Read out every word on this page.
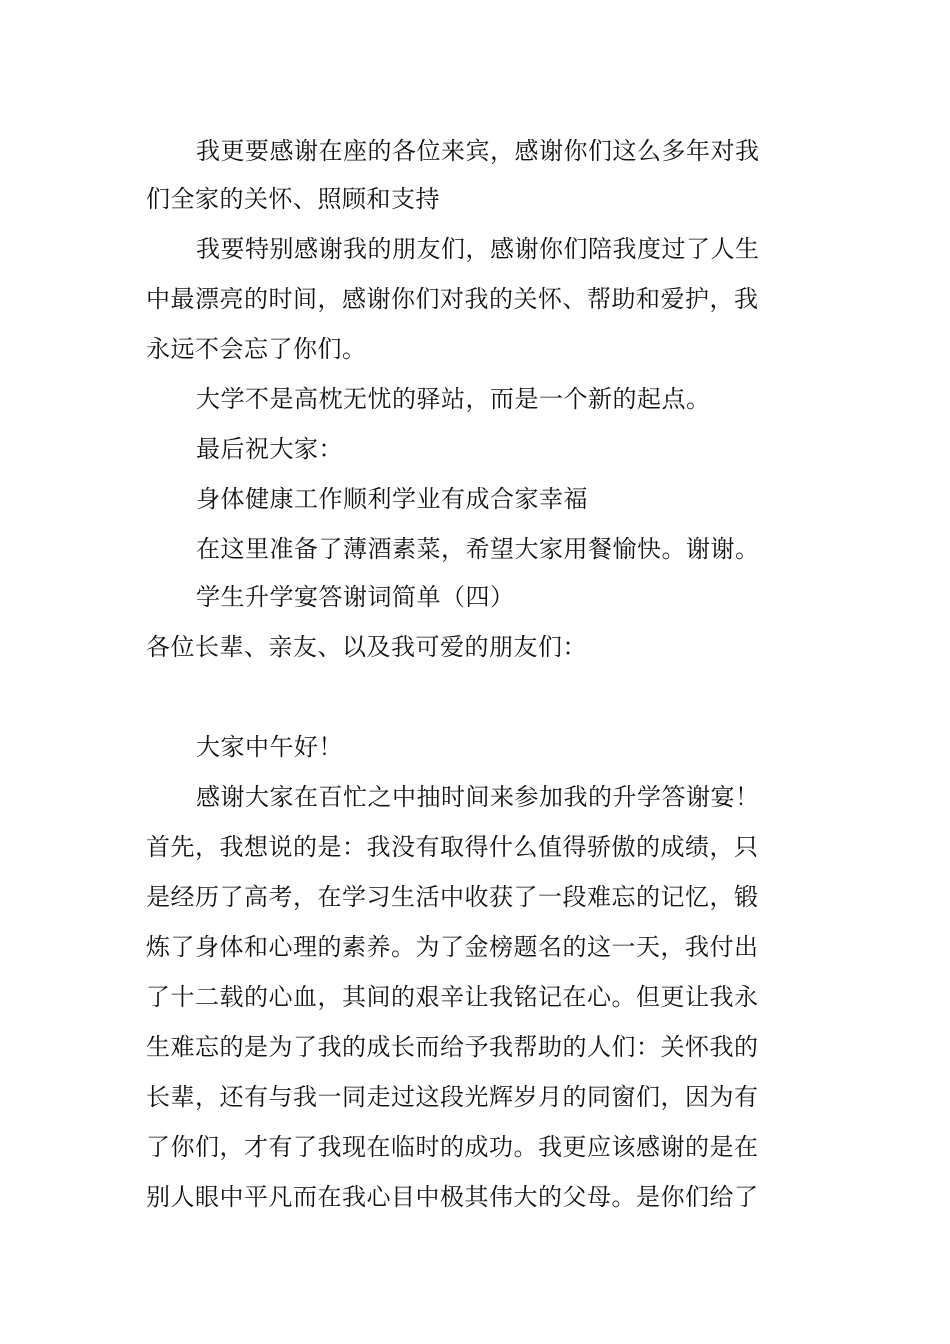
我更要感谢在座的各位来宾，感谢你们这么多年对我
们全家的关怀、照顾和支持
我要特别感谢我的朋友们，感谢你们陪我度过了人生
中最漂亮的时间，感谢你们对我的关怀、帮助和爱护，我
永远不会忘了你们。
大学不是高枕无忧的驿站，而是一个新的起点。
最后祝大家：
身体健康工作顺利学业有成合家幸福
在这里准备了薄酒素菜，希望大家用餐愉快。谢谢。
学生升学宴答谢词简单（四）
各位长辈、亲友、以及我可爱的朋友们：
大家中午好！
感谢大家在百忙之中抽时间来参加我的升学答谢宴！
首先，我想说的是：我没有取得什么值得骄傲的成绩，只
是经历了高考，在学习生活中收获了一段难忘的记忆，锻
炼了身体和心理的素养。为了金榜题名的这一天，我付出
了十二载的心血，其间的艰辛让我铭记在心。但更让我永
生难忘的是为了我的成长而给予我帮助的人们：关怀我的
长辈，还有与我一同走过这段光辉岁月的同窗们，因为有
了你们，才有了我现在临时的成功。我更应该感谢的是在
别人眼中平凡而在我心目中极其伟大的父母。是你们给了
